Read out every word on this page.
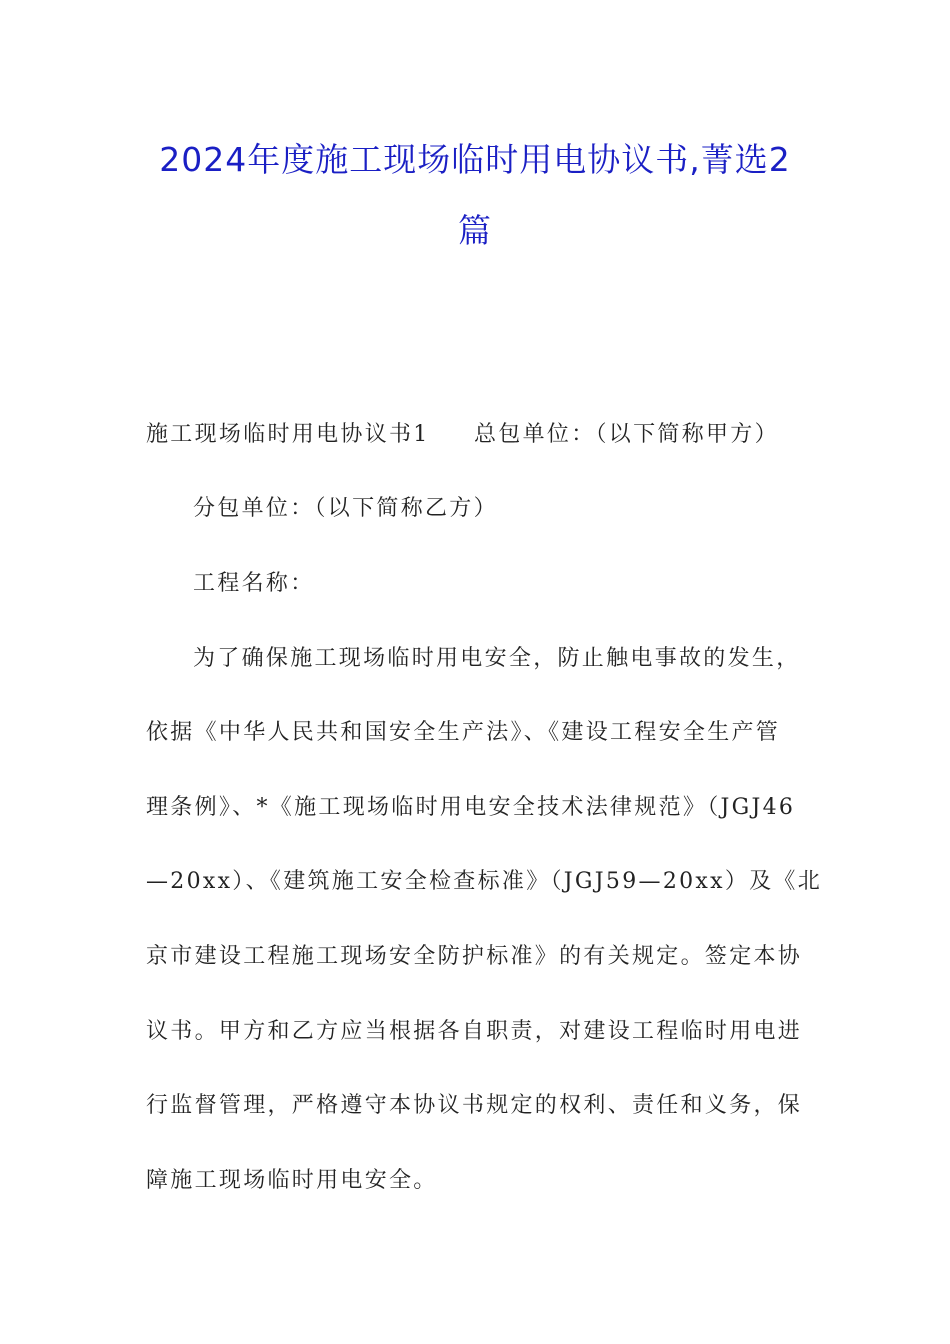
2024年度施工现场临时用电协议书,菁选2
篇
施工现场临时用电协议书1 总包单位：（以下简称甲方）
分包单位：（以下简称乙方）
工程名称：
为了确保施工现场临时用电安全，防止触电事故的发生，
依据《中华人民共和国安全生产法》、《建设工程安全生产管
理条例》、*《施工现场临时用电安全技术法律规范》（JGJ46
—20xx）、《建筑施工安全检查标准》（JGJ59—20xx）及《北
京市建设工程施工现场安全防护标准》的有关规定。签定本协
议书。甲方和乙方应当根据各自职责，对建设工程临时用电进
行监督管理，严格遵守本协议书规定的权利、责任和义务，保
障施工现场临时用电安全。
